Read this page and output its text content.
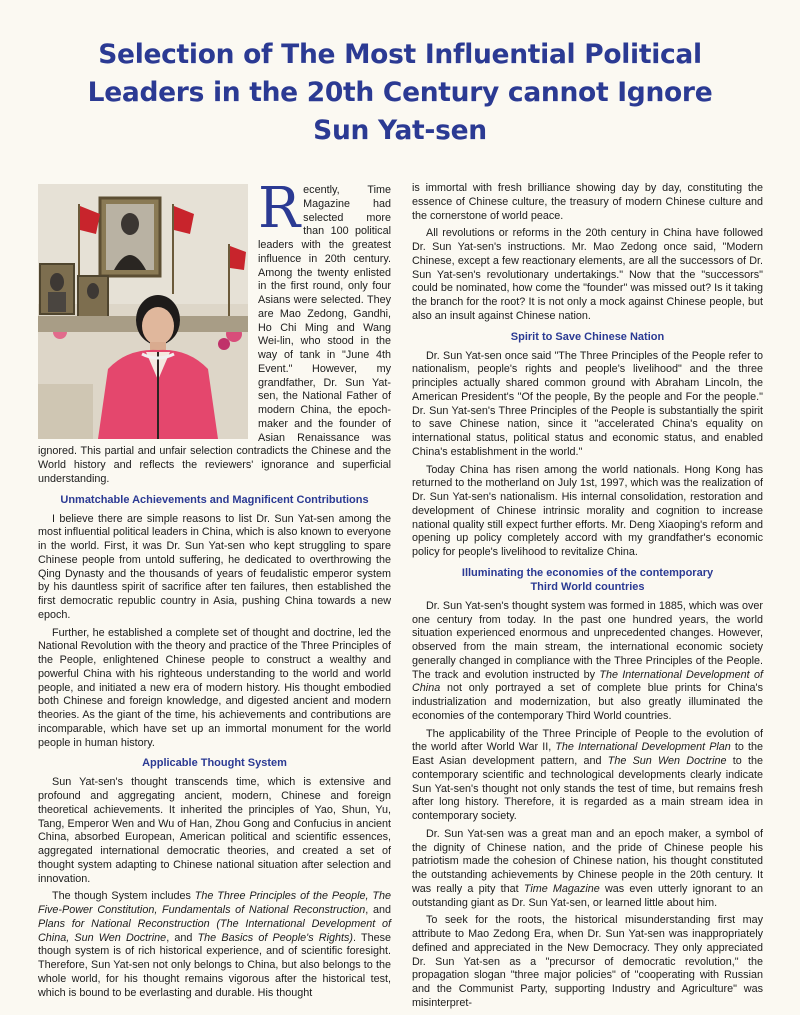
Selection of The Most Influential Political
Leaders in the 20th Century cannot Ignore
Sun Yat-sen
R ecently, Time Magazine had selected more than 100 political leaders with the greatest influence in 20th century. Among the twenty enlisted in the first round, only four Asians were selected. They are Mao Zedong, Gandhi, Ho Chi Ming and Wang Wei-lin, who stood in the way of tank in "June 4th Event." However, my grandfather, Dr. Sun Yat-sen, the National Father of modern China, the epoch-maker and the founder of Asian Renaissance was ignored. This partial and unfair selection contradicts the Chinese and the World history and reflects the reviewers' ignorance and superficial understanding.

Unmatchable Achievements and Magnificent Contributions

I believe there are simple reasons to list Dr. Sun Yat-sen among the most influential political leaders in China, which is also known to everyone in the world. First, it was Dr. Sun Yat-sen who kept struggling to spare Chinese people from untold suffering, he dedicated to overthrowing the Qing Dynasty and the thousands of years of feudalistic emperor system by his dauntless spirit of sacrifice after ten failures, then established the first democratic republic country in Asia, pushing China towards a new epoch.

Further, he established a complete set of thought and doctrine, led the National Revolution with the theory and practice of the Three Principles of the People, enlightened Chinese people to construct a wealthy and powerful China with his righteous understanding to the world and world people, and initiated a new era of modern history. His thought embodied both Chinese and foreign knowledge, and digested ancient and modern theories. As the giant of the time, his achievements and contributions are incomparable, which have set up an immortal monument for the world people in human history.

Applicable Thought System

Sun Yat-sen's thought transcends time, which is extensive and profound and aggregating ancient, modern, Chinese and foreign theoretical achievements. It inherited the principles of Yao, Shun, Yu, Tang, Emperor Wen and Wu of Han, Zhou Gong and Confucius in ancient China, absorbed European, American political and scientific essences, aggregated international democratic theories, and created a set of thought system adapting to Chinese national situation after selection and innovation.

The though System includes The Three Principles of the People, The Five-Power Constitution, Fundamentals of National Reconstruction, and Plans for National Reconstruction (The International Development of China, Sun Wen Doctrine, and The Basics of People's Rights). These though system is of rich historical experience, and of scientific foresight. Therefore, Sun Yat-sen not only belongs to China, but also belongs to the whole world, for his thought remains vigorous after the historical test, which is bound to be everlasting and durable. His thought

is immortal with fresh brilliance showing day by day, constituting the essence of Chinese culture, the treasury of modern Chinese culture and the cornerstone of world peace.

All revolutions or reforms in the 20th century in China have followed Dr. Sun Yat-sen's instructions. Mr. Mao Zedong once said, "Modern Chinese, except a few reactionary elements, are all the successors of Dr. Sun Yat-sen's revolutionary undertakings." Now that the "successors" could be nominated, how come the "founder" was missed out? Is it taking the branch for the root? It is not only a mock against Chinese people, but also an insult against Chinese nation.

Spirit to Save Chinese Nation

Dr. Sun Yat-sen once said "The Three Principles of the People refer to nationalism, people's rights and people's livelihood" and the three principles actually shared common ground with Abraham Lincoln, the American President's "Of the people, By the people and For the people." Dr. Sun Yat-sen's Three Principles of the People is substantially the spirit to save Chinese nation, since it "accelerated China's equality on international status, political status and economic status, and enabled China's establishment in the world."

Today China has risen among the world nationals. Hong Kong has returned to the motherland on July 1st, 1997, which was the realization of Dr. Sun Yat-sen's nationalism. His internal consolidation, restoration and development of Chinese intrinsic morality and cognition to increase national quality still expect further efforts. Mr. Deng Xiaoping's reform and opening up policy completely accord with my grandfather's economic policy for people's livelihood to revitalize China.

Illuminating the economies of the contemporary
Third World countries

Dr. Sun Yat-sen's thought system was formed in 1885, which was over one century from today. In the past one hundred years, the world situation experienced enormous and unprecedented changes. However, observed from the main stream, the international economic society generally changed in compliance with the Three Principles of the People. The track and evolution instructed by The International Development of China not only portrayed a set of complete blue prints for China's industrialization and modernization, but also greatly illuminated the economies of the contemporary Third World countries.

The applicability of the Three Principle of People to the evolution of the world after World War II, The International Development Plan to the East Asian development pattern, and The Sun Wen Doctrine to the contemporary scientific and technological developments clearly indicate Sun Yat-sen's thought not only stands the test of time, but remains fresh after long history. Therefore, it is regarded as a main stream idea in contemporary society.

Dr. Sun Yat-sen was a great man and an epoch maker, a symbol of the dignity of Chinese nation, and the pride of Chinese people his patriotism made the cohesion of Chinese nation, his thought constituted the outstanding achievements by Chinese people in the 20th century. It was really a pity that Time Magazine was even utterly ignorant to an outstanding giant as Dr. Sun Yat-sen, or learned little about him.

To seek for the roots, the historical misunderstanding first may attribute to Mao Zedong Era, when Dr. Sun Yat-sen was inappropriately defined and appreciated in the New Democracy. They only appreciated Dr. Sun Yat-sen as a "precursor of democratic revolution," the propagation slogan "three major policies" of "cooperating with Russian and the Communist Party, supporting Industry and Agriculture" was misinterpret-
